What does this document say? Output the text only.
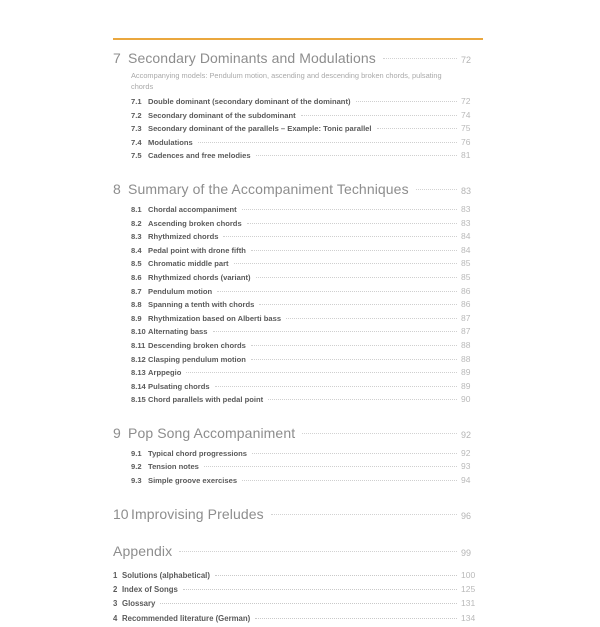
7 Secondary Dominants and Modulations	72
Accompanying models: Pendulum motion, ascending and descending broken chords, pulsating chords
7.1 Double dominant (secondary dominant of the dominant)	72
7.2 Secondary dominant of the subdominant	74
7.3 Secondary dominant of the parallels – Example: Tonic parallel	75
7.4 Modulations	76
7.5 Cadences and free melodies	81
8 Summary of the Accompaniment Techniques	83
8.1 Chordal accompaniment	83
8.2 Ascending broken chords	83
8.3 Rhythmized chords	84
8.4 Pedal point with drone fifth	84
8.5 Chromatic middle part	85
8.6 Rhythmized chords (variant)	85
8.7 Pendulum motion	86
8.8 Spanning a tenth with chords	86
8.9 Rhythmization based on Alberti bass	87
8.10 Alternating bass	87
8.11 Descending broken chords	88
8.12 Clasping pendulum motion	88
8.13 Arppegio	89
8.14 Pulsating chords	89
8.15 Chord parallels with pedal point	90
9 Pop Song Accompaniment	92
9.1 Typical chord progressions	92
9.2 Tension notes	93
9.3 Simple groove exercises	94
10 Improvising Preludes	96
Appendix	99
1 Solutions (alphabetical)	100
2 Index of Songs	125
3 Glossary	131
4 Recommended literature (German)	134
